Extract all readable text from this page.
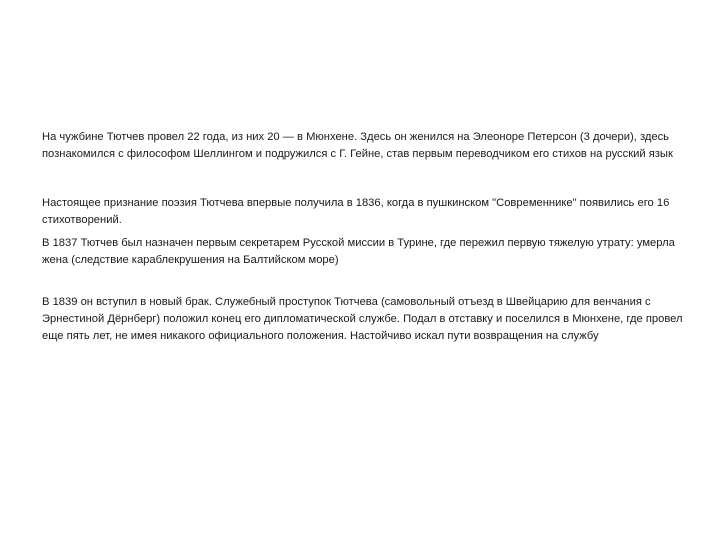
На чужбине Тютчев провел 22 года, из них 20 — в Мюнхене. Здесь он женился на Элеоноре Петерсон (3 дочери), здесь познакомился с философом Шеллингом и подружился с Г. Гейне, став первым переводчиком его стихов на русский язык
Настоящее признание поэзия Тютчева впервые получила в 1836, когда в пушкинском "Современнике" появились его 16 стихотворений.
В 1837 Тютчев был назначен первым секретарем Русской миссии в Турине, где пережил первую тяжелую утрату: умерла жена (следствие караблекрушения на Балтийском море)
В 1839 он вступил в новый брак. Служебный проступок Тютчева (самовольный отъезд в Швейцарию для венчания с Эрнестиной Дёрнберг) положил конец его дипломатической службе. Подал в отставку и поселился в Мюнхене, где провел еще пять лет, не имея никакого официального положения. Настойчиво искал пути возвращения на службу
